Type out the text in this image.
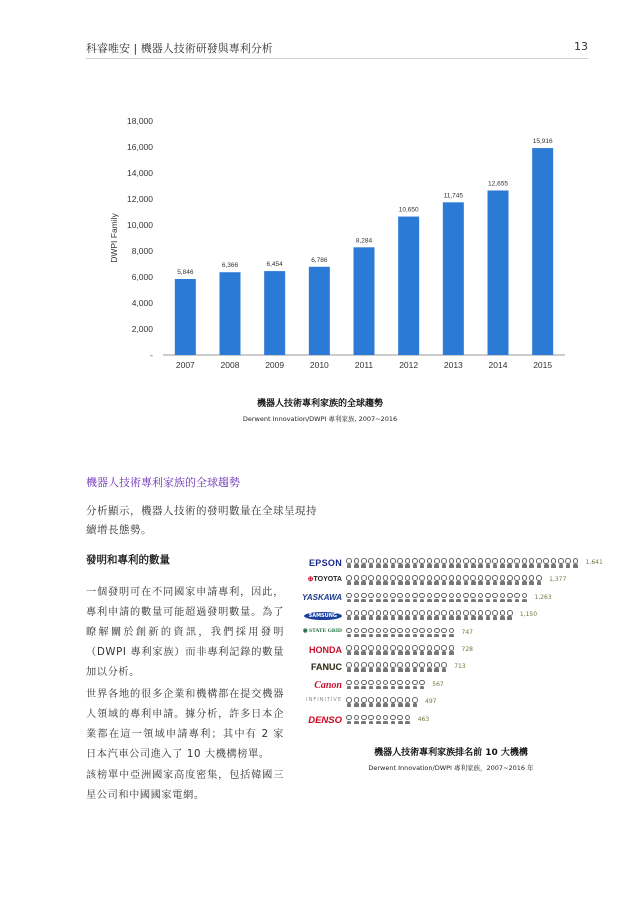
科睿唯安 | 機器人技術研發與專利分析	13
-
2,000
4,000
6,000
8,000
10,000
12,000
14,000
16,000
18,000
DWPI Family
5,846
2007
6,366
2008
6,454
2009
6,786
2010
8,284
2011
10,650
2012
11,745
2013
12,655
2014
15,916
2015
機器人技術專利家族的全球趨勢
Derwent Innovation/DWPI 專利家族, 2007~2016
機器人技術專利家族的全球趨勢
分析顯示，機器人技術的發明數量在全球呈現持續增長態勢。
發明和專利的數量
一個發明可在不同國家申請專利，因此，專利申請的數量可能超過發明數量。為了瞭解關於創新的資訊，我們採用發明（DWPI 專利家族）而非專利記錄的數量加以分析。
世界各地的很多企業和機構都在提交機器人領域的專利申請。據分析，許多日本企業都在這一領域申請專利；其中有 2 家日本汽車公司進入了 10 大機構榜單。
該榜單中亞洲國家高度密集，包括韓國三星公司和中國國家電網。
EPSON	1,641
⊕TOYOTA	1,377
YASKAWA	1,263
SAMSUNG	1,150
◉ STATE GRID	747
HONDA	728
FANUC	713
Canon	567
INFINITIVE	497
DENSO	463
機器人技術專利家族排名前 10 大機構
Derwent Innovation/DWPI 專利家族，2007~2016 年
